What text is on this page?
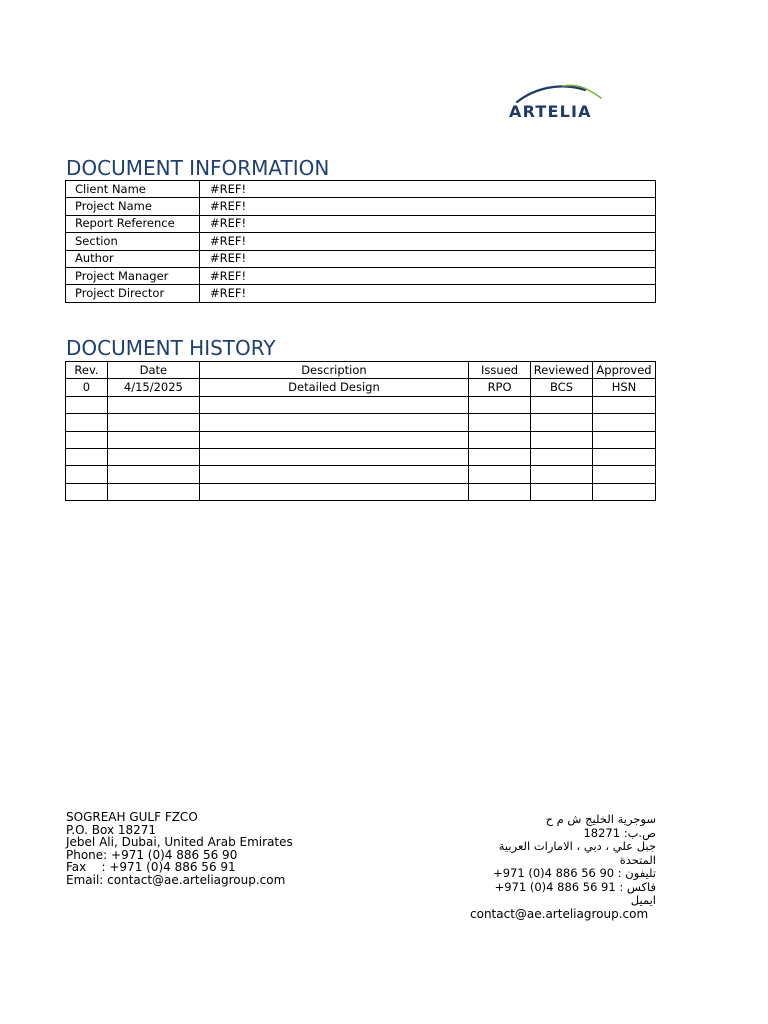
ARTELIA
DOCUMENT INFORMATION
Client Name	#REF!
Project Name	#REF!
Report Reference	#REF!
Section	#REF!
Author	#REF!
Project Manager	#REF!
Project Director	#REF!
DOCUMENT HISTORY
Rev.	Date	Description	Issued	Reviewed	Approved
0	4/15/2025	Detailed Design	RPO	BCS	HSN

SOGREAH GULF FZCO
P.O. Box 18271
Jebel Ali, Dubai, United Arab Emirates
Phone: +971 (0)4 886 56 90
Fax    : +971 (0)4 886 56 91
Email: contact@ae.arteliagroup.com
سوجرية الخليج ش م ح
ص.ب: 18271
جبل علي ، دبي ، الامارات العربية
المتحدة
تليفون : ‎+971 (0)4 886 56 90
فاكس : ‎+971 (0)4 886 56 91
ايميل
contact@ae.arteliagroup.com
